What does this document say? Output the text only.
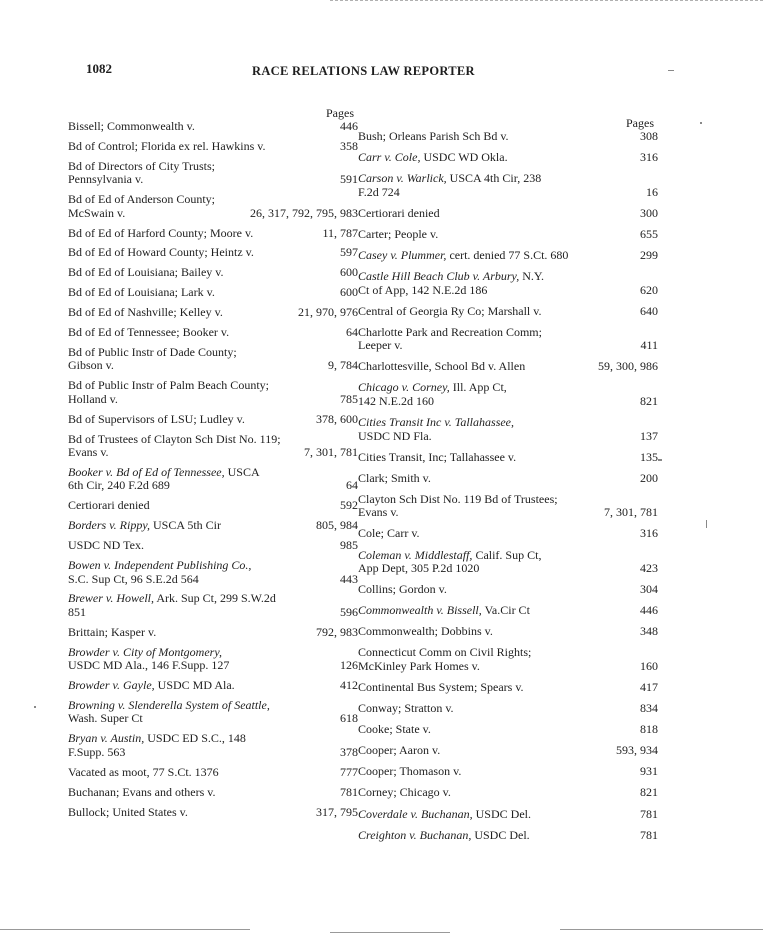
1082	RACE RELATIONS LAW REPORTER
Pages
Bissell; Commonwealth v.	446
Bd of Control; Florida ex rel. Hawkins v.	358
Bd of Directors of City Trusts;
Pennsylvania v.	591
Bd of Ed of Anderson County;
McSwain v.	26, 317, 792, 795, 983
Bd of Ed of Harford County; Moore v.	11, 787
Bd of Ed of Howard County; Heintz v.	597
Bd of Ed of Louisiana; Bailey v.	600
Bd of Ed of Louisiana; Lark v.	600
Bd of Ed of Nashville; Kelley v.	21, 970, 976
Bd of Ed of Tennessee; Booker v.	64
Bd of Public Instr of Dade County;
Gibson v.	9, 784
Bd of Public Instr of Palm Beach County;
Holland v.	785
Bd of Supervisors of LSU; Ludley v.	378, 600
Bd of Trustees of Clayton Sch Dist No. 119;
Evans v.	7, 301, 781
Booker v. Bd of Ed of Tennessee, USCA
6th Cir, 240 F.2d 689	64
Certiorari denied	592
Borders v. Rippy, USCA 5th Cir	805, 984
USDC ND Tex.	985
Bowen v. Independent Publishing Co.,
S.C. Sup Ct, 96 S.E.2d 564	443
Brewer v. Howell, Ark. Sup Ct, 299 S.W.2d
851	596
Brittain; Kasper v.	792, 983
Browder v. City of Montgomery,
USDC MD Ala., 146 F.Supp. 127	126
Browder v. Gayle, USDC MD Ala.	412
Browning v. Slenderella System of Seattle,
Wash. Super Ct	618
Bryan v. Austin, USDC ED S.C., 148
F.Supp. 563	378
Vacated as moot, 77 S.Ct. 1376	777
Buchanan; Evans and others v.	781
Bullock; United States v.	317, 795
Pages
Bush; Orleans Parish Sch Bd v.	308
Carr v. Cole, USDC WD Okla.	316
Carson v. Warlick, USCA 4th Cir, 238
F.2d 724	16
Certiorari denied	300
Carter; People v.	655
Casey v. Plummer, cert. denied 77 S.Ct. 680	299
Castle Hill Beach Club v. Arbury, N.Y.
Ct of App, 142 N.E.2d 186	620
Central of Georgia Ry Co; Marshall v.	640
Charlotte Park and Recreation Comm;
Leeper v.	411
Charlottesville, School Bd v. Allen	59, 300, 986
Chicago v. Corney, Ill. App Ct,
142 N.E.2d 160	821
Cities Transit Inc v. Tallahassee,
USDC ND Fla.	137
Cities Transit, Inc; Tallahassee v.	135
Clark; Smith v.	200
Clayton Sch Dist No. 119 Bd of Trustees;
Evans v.	7, 301, 781
Cole; Carr v.	316
Coleman v. Middlestaff, Calif. Sup Ct,
App Dept, 305 P.2d 1020	423
Collins; Gordon v.	304
Commonwealth v. Bissell, Va.Cir Ct	446
Commonwealth; Dobbins v.	348
Connecticut Comm on Civil Rights;
McKinley Park Homes v.	160
Continental Bus System; Spears v.	417
Conway; Stratton v.	834
Cooke; State v.	818
Cooper; Aaron v.	593, 934
Cooper; Thomason v.	931
Corney; Chicago v.	821
Coverdale v. Buchanan, USDC Del.	781
Creighton v. Buchanan, USDC Del.	781
